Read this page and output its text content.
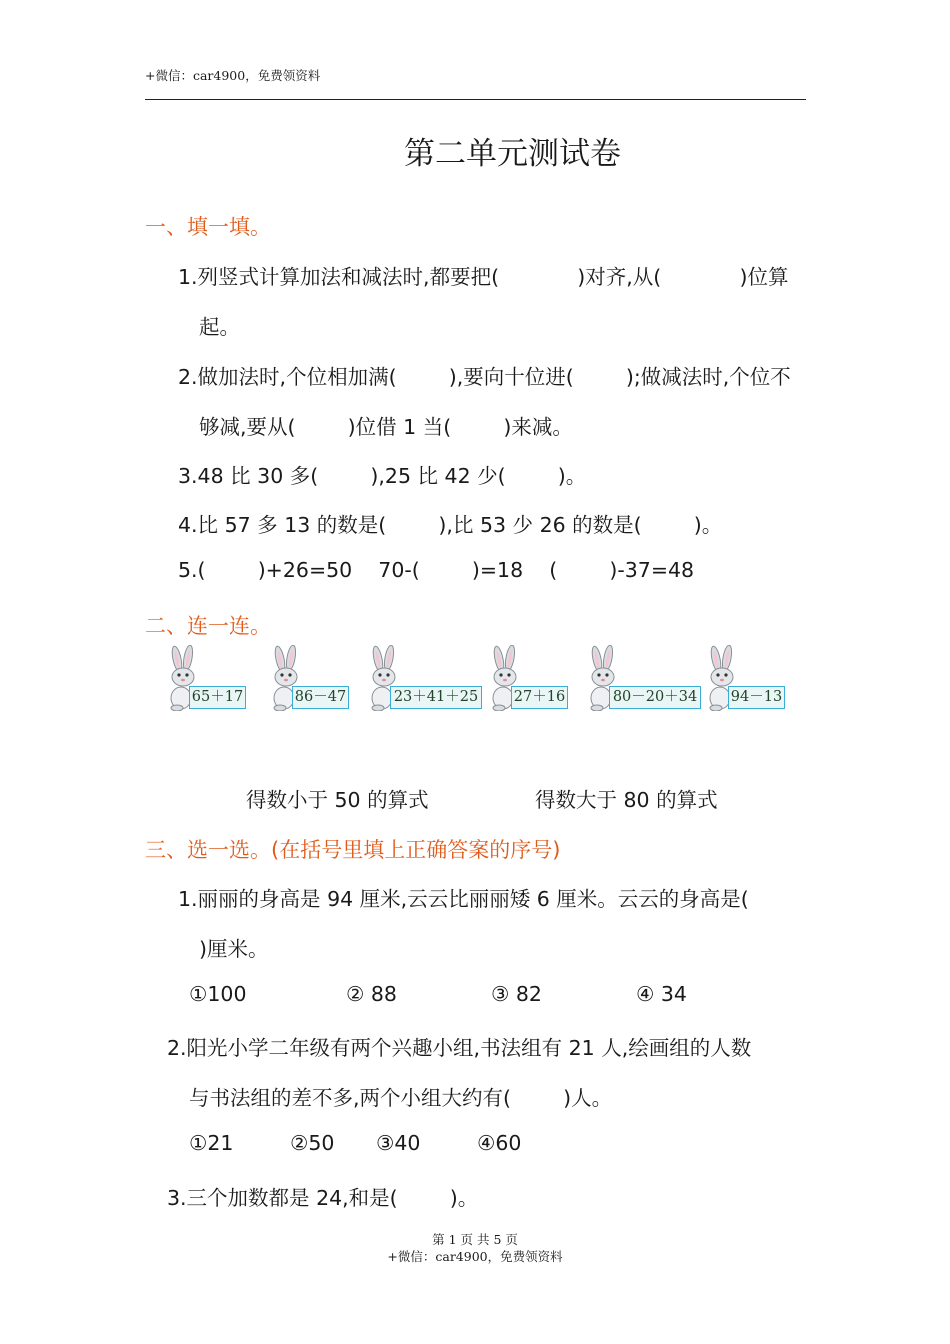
+微信：car4900，免费领资料
第二单元测试卷
一、填一填。
1.列竖式计算加法和减法时,都要把(            )对齐,从(            )位算
起。
2.做加法时,个位相加满(        ),要向十位进(        );做减法时,个位不
够减,要从(        )位借 1 当(        )来减。
3.48 比 30 多(        ),25 比 42 少(        )。
4.比 57 多 13 的数是(        ),比 53 少 26 的数是(        )。
5.(        )+26=50    70-(        )=18    (        )-37=48
二、连一连。
65＋17	86－47	23＋41＋25 27＋16	80－20＋34 94－13
得数小于 50 的算式	得数大于 80 的算式
三、选一选。(在括号里填上正确答案的序号)
1.丽丽的身高是 94 厘米,云云比丽丽矮 6 厘米。云云的身高是(
)厘米。
①100	② 88	③ 82	④ 34
2.阳光小学二年级有两个兴趣小组,书法组有 21 人,绘画组的人数
与书法组的差不多,两个小组大约有(        )人。
①21	②50 ③40	④60
3.三个加数都是 24,和是(        )。
第 1 页 共 5 页
+微信：car4900，免费领资料
